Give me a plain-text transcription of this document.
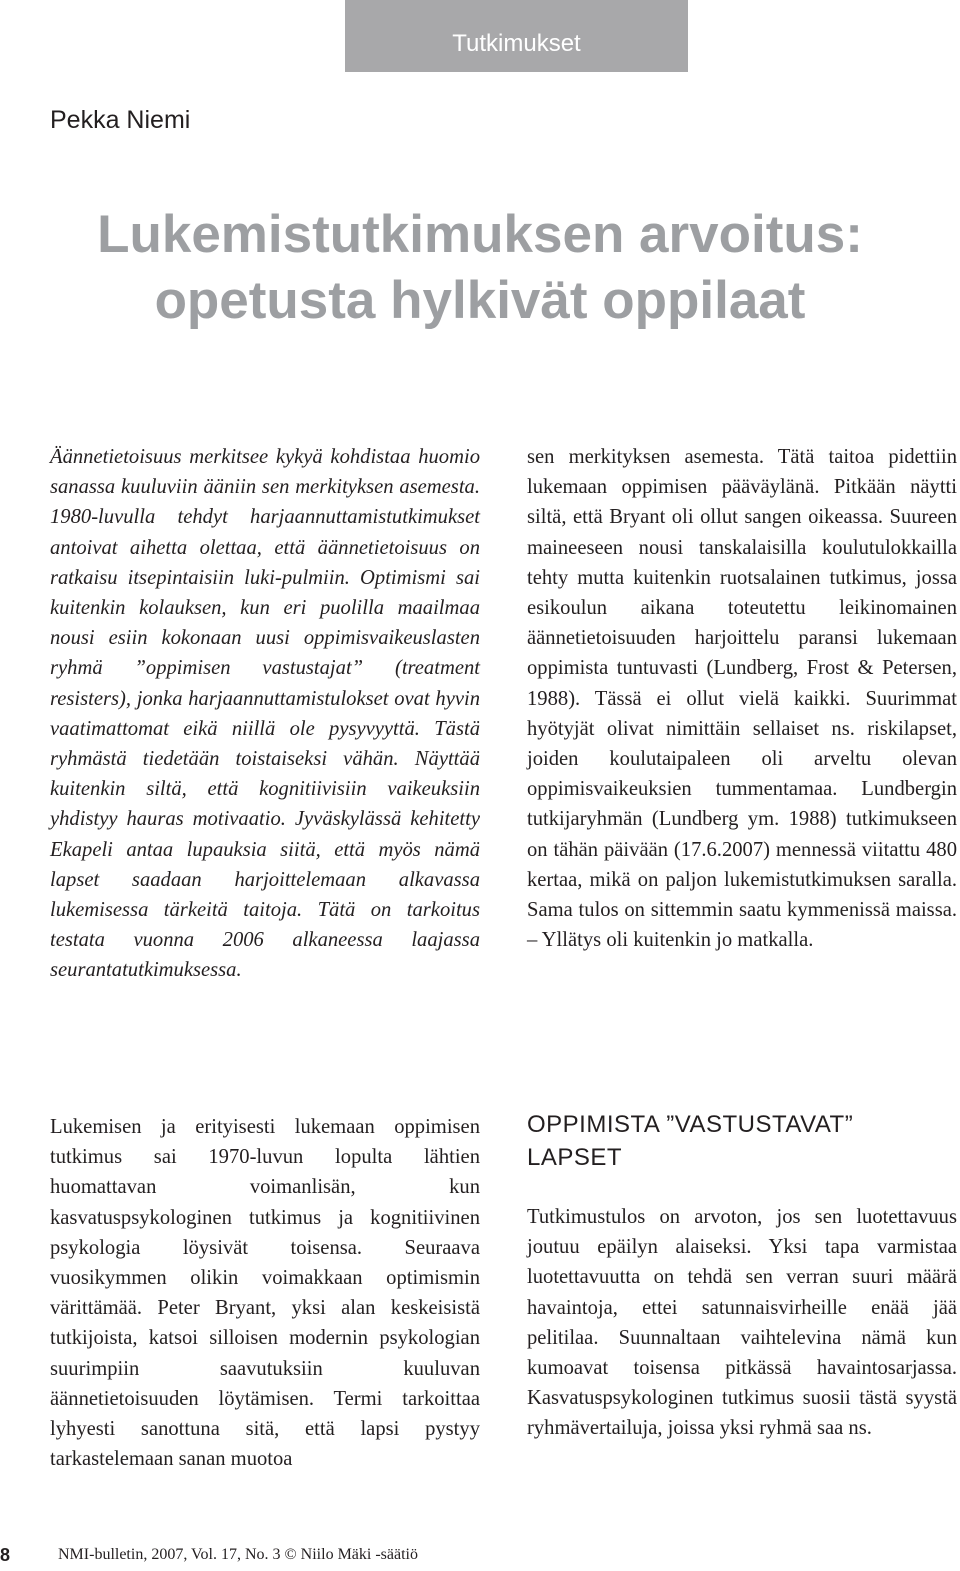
Tutkimukset

Pekka Niemi

Lukemistutkimuksen arvoitus:
opetusta hylkivät oppilaat

Äännetietoisuus merkitsee kykyä kohdistaa huomio sanassa kuuluviin ääniin sen merkityksen asemesta. 1980-luvulla tehdyt harjaannuttamistutkimukset antoivat aihetta olettaa, että äännetietoisuus on ratkaisu itsepintaisiin luki-pulmiin. Optimismi sai kuitenkin kolauksen, kun eri puolilla maailmaa nousi esiin kokonaan uusi oppimisvaikeuslasten ryhmä ”oppimisen vastustajat” (treatment resisters), jonka harjaannuttamistulokset ovat hyvin vaatimattomat eikä niillä ole pysyvyyttä. Tästä ryhmästä tiedetään toistaiseksi vähän. Näyttää kuitenkin siltä, että kognitiivisiin vaikeuksiin yhdistyy hauras motivaatio. Jyväskylässä kehitetty Ekapeli antaa lupauksia siitä, että myös nämä lapset saadaan harjoittelemaan alkavassa lukemisessa tärkeitä taitoja. Tätä on tarkoitus testata vuonna 2006 alkaneessa laajassa seurantatutkimuksessa.

Lukemisen ja erityisesti lukemaan oppimisen tutkimus sai 1970-luvun lopulta lähtien huomattavan voimanlisän, kun kasvatuspsykologinen tutkimus ja kognitiivinen psykologia löysivät toisensa. Seuraava vuosikymmen olikin voimakkaan optimismin värittämää. Peter Bryant, yksi alan keskeisistä tutkijoista, katsoi silloisen modernin psykologian suurimpiin saavutuksiin kuuluvan äännetietoisuuden löytämisen. Termi tarkoittaa lyhyesti sanottuna sitä, että lapsi pystyy tarkastelemaan sanan muotoa

sen merkityksen asemesta. Tätä taitoa pidettiin lukemaan oppimisen pääväylänä. Pitkään näytti siltä, että Bryant oli ollut sangen oikeassa. Suureen maineeseen nousi tanskalaisilla koulutulokkailla tehty mutta kuitenkin ruotsalainen tutkimus, jossa esikoulun aikana toteutettu leikinomainen äännetietoisuuden harjoittelu paransi lukemaan oppimista tuntuvasti (Lundberg, Frost & Petersen, 1988). Tässä ei ollut vielä kaikki. Suurimmat hyötyjät olivat nimittäin sellaiset ns. riskilapset, joiden koulutaipaleen oli arveltu olevan oppimisvaikeuksien tummentamaa. Lundbergin tutkijaryhmän (Lundberg ym. 1988) tutkimukseen on tähän päivään (17.6.2007) mennessä viitattu 480 kertaa, mikä on paljon lukemistutkimuksen saralla. Sama tulos on sittemmin saatu kymmenissä maissa. – Yllätys oli kuitenkin jo matkalla.

OPPIMISTA ”VASTUSTAVAT” LAPSET

Tutkimustulos on arvoton, jos sen luotettavuus joutuu epäilyn alaiseksi. Yksi tapa varmistaa luotettavuutta on tehdä sen verran suuri määrä havaintoja, ettei satunnaisvirheille enää jää pelitilaa. Suunnaltaan vaihtelevina nämä kun kumoavat toisensa pitkässä havaintosarjassa. Kasvatuspsykologinen tutkimus suosii tästä syystä ryhmävertailuja, joissa yksi ryhmä saa ns.

8	NMI-bulletin, 2007, Vol. 17, No. 3 © Niilo Mäki -säätiö
